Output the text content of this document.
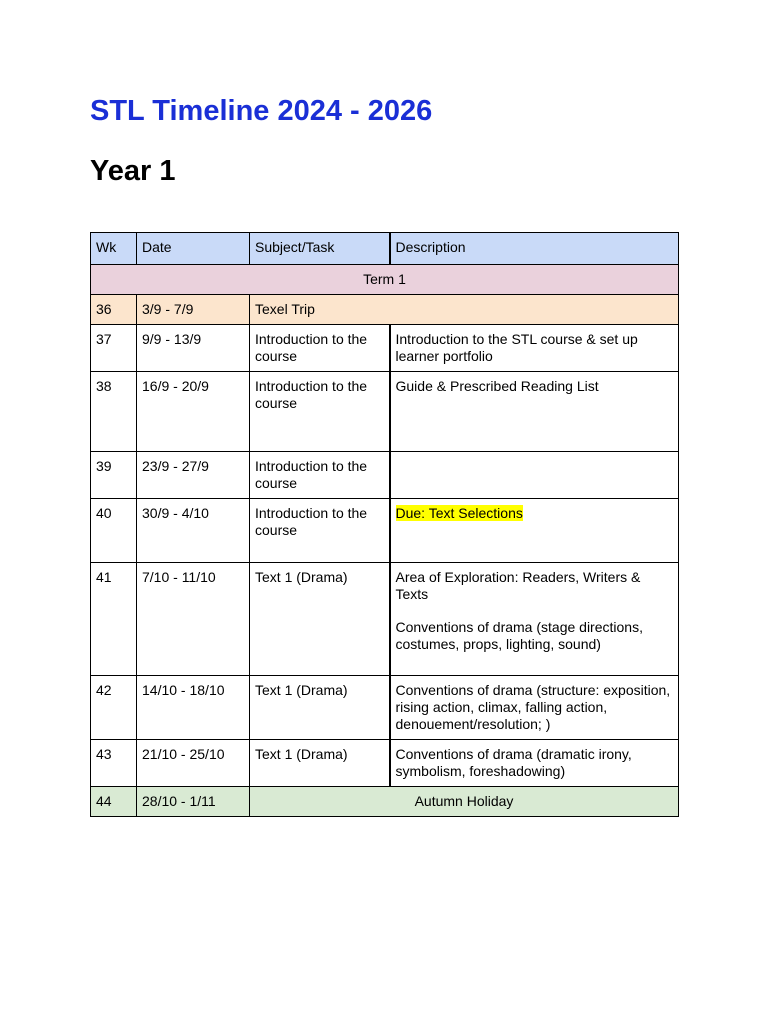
STL Timeline 2024 - 2026
Year 1
Wk	Date	Subject/Task	Description
Term 1			
36	3/9 - 7/9	Texel Trip	
37	9/9 - 13/9	Introduction to the course	Introduction to the STL course & set up learner portfolio
38	16/9 - 20/9	Introduction to the course	Guide & Prescribed Reading List
39	23/9 - 27/9	Introduction to the course	
40	30/9 - 4/10	Introduction to the course	Due: Text Selections
41	7/10 - 11/10	Text 1 (Drama)	Area of Exploration: Readers, Writers & Texts
Conventions of drama (stage directions, costumes, props, lighting, sound)
42	14/10 - 18/10	Text 1 (Drama)	Conventions of drama (structure: exposition, rising action, climax, falling action, denouement/resolution; )
43	21/10 - 25/10	Text 1 (Drama)	Conventions of drama (dramatic irony, symbolism, foreshadowing)
44	28/10 - 1/11	Autumn Holiday	
